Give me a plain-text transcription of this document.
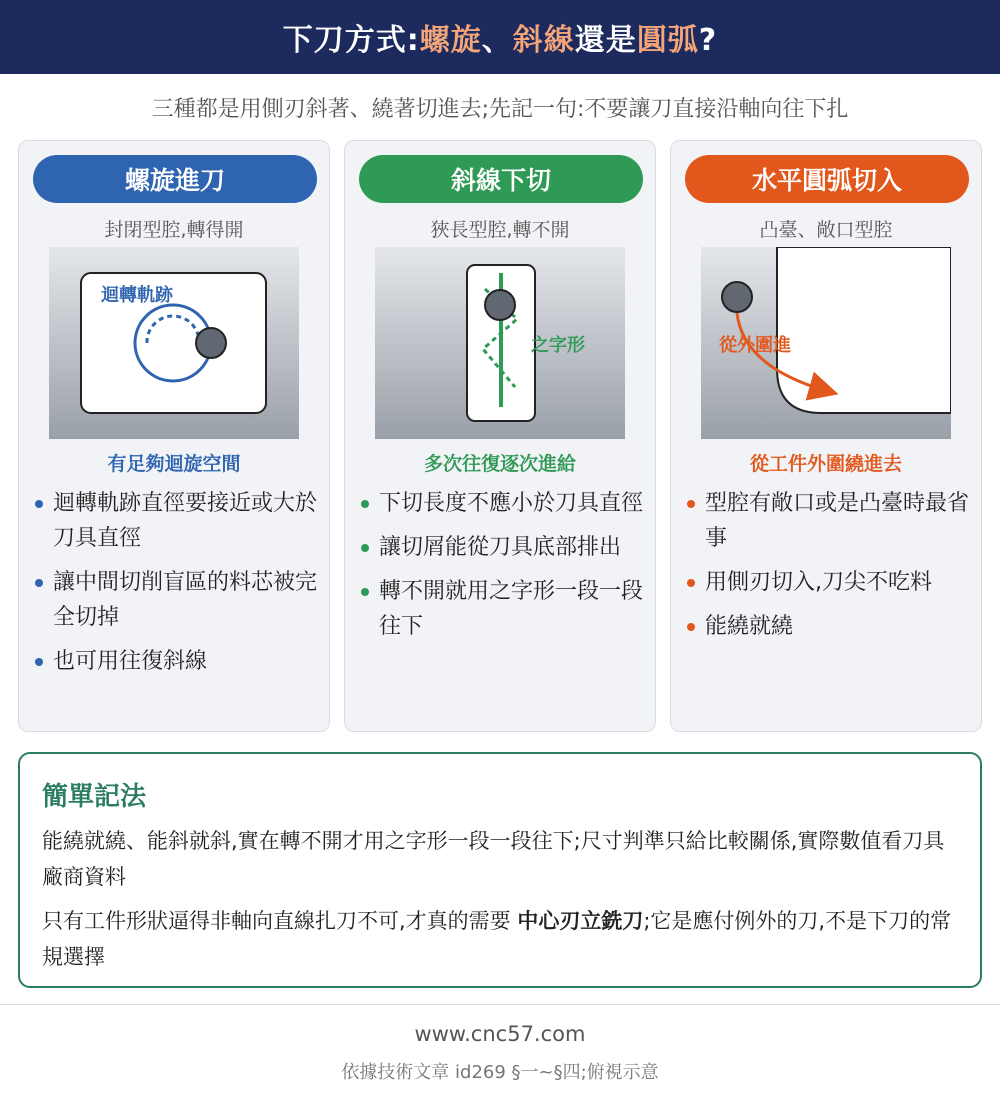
下刀方式:螺旋、斜線還是圓弧?
三種都是用側刃斜著、繞著切進去;先記一句:不要讓刀直接沿軸向往下扎
螺旋進刀
封閉型腔,轉得開
迴轉軌跡
有足夠迴旋空間
迴轉軌跡直徑要接近或大於刀具直徑
讓中間切削盲區的料芯被完全切掉
也可用往復斜線
斜線下切
狹長型腔,轉不開
之字形
多次往復逐次進給
下切長度不應小於刀具直徑
讓切屑能從刀具底部排出
轉不開就用之字形一段一段往下
水平圓弧切入
凸臺、敞口型腔
從外圍進
從工件外圍繞進去
型腔有敞口或是凸臺時最省事
用側刃切入,刀尖不吃料
能繞就繞
簡單記法

能繞就繞、能斜就斜,實在轉不開才用之字形一段一段往下;尺寸判準只給比較關係,實際數值看刀具廠商資料

只有工件形狀逼得非軸向直線扎刀不可,才真的需要 中心刃立銑刀;它是應付例外的刀,不是下刀的常規選擇

www.cnc57.com
依據技術文章 id269 §一~§四;俯視示意
